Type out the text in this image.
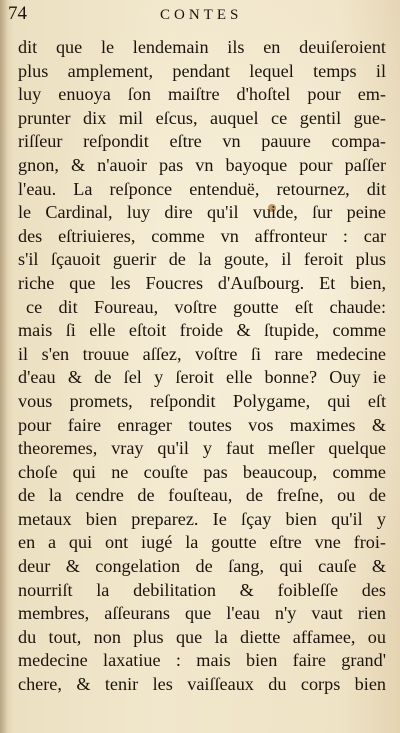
74	CONTES
dit que le lendemain ils en deuiſeroient
plus amplement, pendant lequel temps il
luy enuoya ſon maiſtre d'hoſtel pour em-
prunter dix mil eſcus, auquel ce gentil gue-
riſſeur reſpondit eſtre vn pauure compa-
gnon, & n'auoir pas vn bayoque pour paſſer
l'eau. La reſponce entenduë, retournez, dit
le Cardinal, luy dire qu'il vuide, ſur peine
des eſtriuieres, comme vn affronteur : car
s'il ſçauoit guerir de la goute, il feroit plus
riche que les Foucres d'Auſbourg. Et bien,
ce dit Foureau, voſtre goutte eſt chaude:
mais ſi elle eſtoit froide & ſtupide, comme
il s'en trouue aſſez, voſtre ſi rare medecine
d'eau & de ſel y ſeroit elle bonne? Ouy ie
vous promets, reſpondit Polygame, qui eſt
pour faire enrager toutes vos maximes &
theoremes, vray qu'il y faut meſler quelque
choſe qui ne couſte pas beaucoup, comme
de la cendre de fouſteau, de freſne, ou de
metaux bien preparez. Ie ſçay bien qu'il y
en a qui ont iugé la goutte eſtre vne froi-
deur & congelation de ſang, qui cauſe &
nourriſt la debilitation & foibleſſe des
membres, aſſeurans que l'eau n'y vaut rien
du tout, non plus que la diette affamee, ou
medecine laxatiue : mais bien faire grand'
chere, & tenir les vaiſſeaux du corps bien
